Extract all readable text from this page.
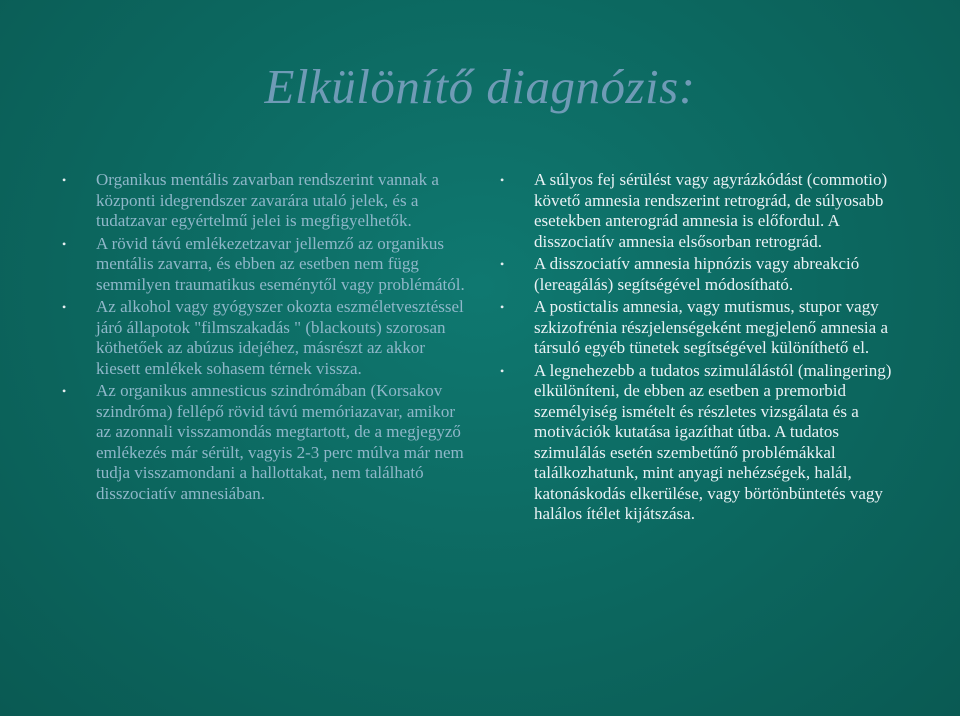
Elkülönítő diagnózis:
• Organikus mentális zavarban rendszerint vannak a központi idegrendszer zavarára utaló jelek, és a tudatzavar egyértelmű jelei is megfigyelhetők.
• A rövid távú emlékezetzavar jellemző az organikus mentális zavarra, és ebben az esetben nem függ semmilyen traumatikus eseménytől vagy problémától.
• Az alkohol vagy gyógyszer okozta eszméletvesztéssel járó állapotok "filmszakadás " (blackouts) szorosan köthetőek az abúzus idejéhez, másrészt az akkor kiesett emlékek sohasem térnek vissza.
• Az organikus amnesticus szindrómában (Korsakov szindróma) fellépő rövid távú memóriazavar, amikor az azonnali visszamondás megtartott, de a megjegyző emlékezés már sérült, vagyis 2-3 perc múlva már nem tudja visszamondani a hallottakat, nem található disszociatív amnesiában.
• A súlyos fej sérülést vagy agyrázkódást (commotio) követő amnesia rendszerint retrográd, de súlyosabb esetekben anterográd amnesia is előfordul. A disszociatív amnesia elsősorban retrográd.
• A disszociatív amnesia hipnózis vagy abreakció (lereagálás) segítségével módosítható.
• A postictalis amnesia, vagy mutismus, stupor vagy szkizofrénia részjelenségeként megjelenő amnesia a társuló egyéb tünetek segítségével különíthető el.
• A legnehezebb a tudatos szimulálástól (malingering) elkülöníteni, de ebben az esetben a premorbid személyiség ismételt és részletes vizsgálata és a motivációk kutatása igazíthat útba. A tudatos szimulálás esetén szembetűnő problémákkal találkozhatunk, mint anyagi nehézségek, halál, katonáskodás elkerülése, vagy börtönbüntetés vagy halálos ítélet kijátszása.
